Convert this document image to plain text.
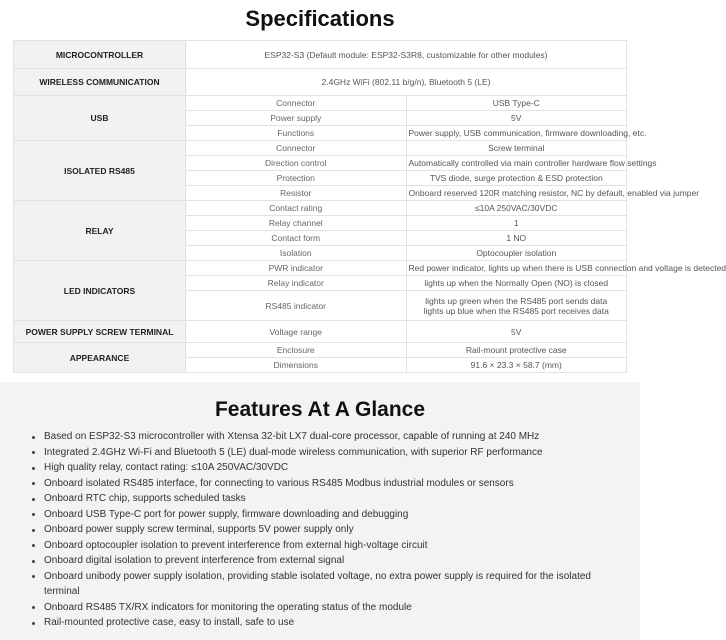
Specifications
MICROCONTROLLER	ESP32-S3 (Default module: ESP32-S3R8, customizable for other modules)	
WIRELESS COMMUNICATION	2.4GHz WiFi (802.11 b/g/n), Bluetooth 5 (LE)	
USB	Connector	USB Type-C
	Power supply	5V
	Functions	Power supply, USB communication, firmware downloading, etc.
ISOLATED RS485	Connector	Screw terminal
	Direction control	Automatically controlled via main controller hardware flow settings
	Protection	TVS diode, surge protection & ESD protection
	Resistor	Onboard reserved 120R matching resistor, NC by default, enabled via jumper
RELAY	Contact rating	≤10A 250VAC/30VDC
	Relay channel	1
	Contact form	1 NO
	Isolation	Optocoupler isolation
LED INDICATORS	PWR indicator	Red power indicator, lights up when there is USB connection and voltage is detected
	Relay indicator	lights up when the Normally Open (NO) is closed
	RS485 indicator	lights up green when the RS485 port sends data
lights up blue when the RS485 port receives data

POWER SUPPLY SCREW TERMINAL	Voltage range	5V
APPEARANCE	Enclosure	Rail-mount protective case
	Dimensions	91.6 × 23.3 × 58.7 (mm)
Features At A Glance
Based on ESP32-S3 microcontroller with Xtensa 32-bit LX7 dual-core processor, capable of running at 240 MHz
Integrated 2.4GHz Wi-Fi and Bluetooth 5 (LE) dual-mode wireless communication, with superior RF performance
High quality relay, contact rating: ≤10A 250VAC/30VDC
Onboard isolated RS485 interface, for connecting to various RS485 Modbus industrial modules or sensors
Onboard RTC chip, supports scheduled tasks
Onboard USB Type-C port for power supply, firmware downloading and debugging
Onboard power supply screw terminal, supports 5V power supply only
Onboard optocoupler isolation to prevent interference from external high-voltage circuit
Onboard digital isolation to prevent interference from external signal
Onboard unibody power supply isolation, providing stable isolated voltage, no extra power supply is required for the isolated terminal
Onboard RS485 TX/RX indicators for monitoring the operating status of the module
Rail-mounted protective case, easy to install, safe to use
